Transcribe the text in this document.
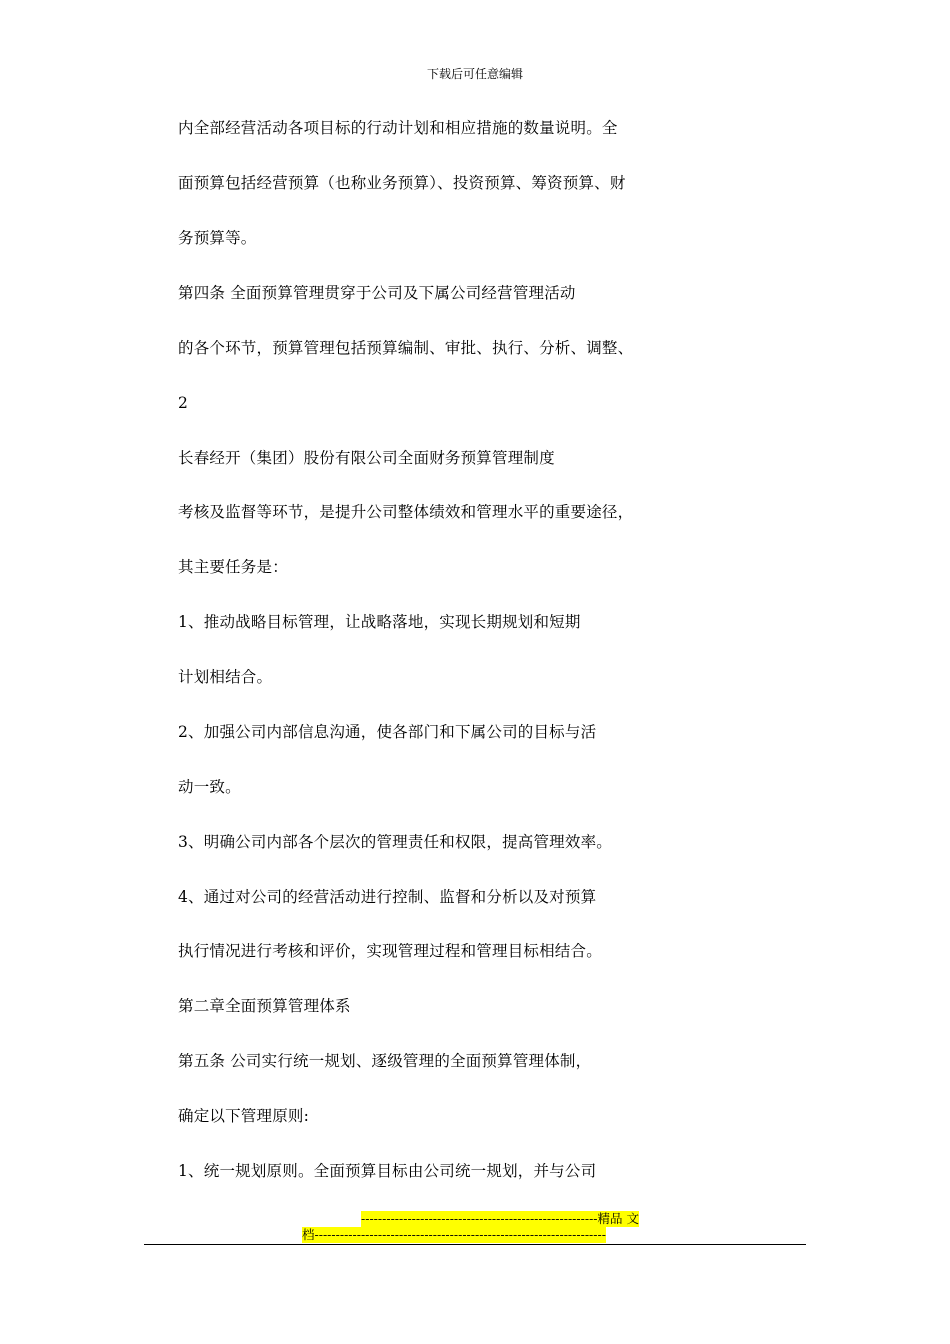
下载后可任意编辑
内全部经营活动各项目标的行动计划和相应措施的数量说明。全
面预算包括经营预算（也称业务预算）、投资预算、筹资预算、财
务预算等。
第四条 全面预算管理贯穿于公司及下属公司经营管理活动
的各个环节，预算管理包括预算编制、审批、执行、分析、调整、
2
长春经开（集团）股份有限公司全面财务预算管理制度
考核及监督等环节，是提升公司整体绩效和管理水平的重要途径，
其主要任务是：
1、推动战略目标管理，让战略落地，实现长期规划和短期
计划相结合。
2、加强公司内部信息沟通，使各部门和下属公司的目标与活
动一致。
3、明确公司内部各个层次的管理责任和权限，提高管理效率。
4、通过对公司的经营活动进行控制、监督和分析以及对预算
执行情况进行考核和评价，实现管理过程和管理目标相结合。
第二章全面预算管理体系
第五条 公司实行统一规划、逐级管理的全面预算管理体制，
确定以下管理原则:
1、统一规划原则。全面预算目标由公司统一规划，并与公司
--------------------------------------------------------精品 文
档---------------------------------------------------------------------
